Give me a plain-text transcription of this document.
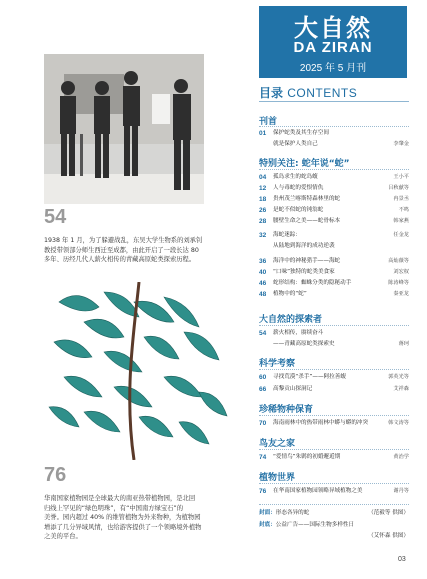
54
1938 年 1 月，为了躲避战乱，东吴大学生物系的刘承钊
教授带领部分师生西迁至成都，由此开启了一段长达 80
多年、历经几代人薪火相传的青藏高原蛇类探索历程。
76
华南国家植物园是全球最大的南亚热带植物园，是北回
归线上罕见的“绿色明珠”，有“中国南方绿宝石”的
美誉。园内超过 40% 的维管植物为外来物种，为植物园
增添了几分异域风情，也给游客提供了一个领略境外植物
之美的平台。
大自然
DA ZIRAN
2025 年 5 月刊
目录 CONTENTS
刊首
01	保护蛇类及其生存空间
就是保护人类自己	李肇金
特别关注: 蛇年说“蛇”
04	孤岛求生的蛇岛蝮	王小平
12	人与毒蛇的爱恨情仇	吕秋献等
18	贵州茂兰喀斯特森林里的蛇	冉景丞
26	是蛇不似蛇的钝翁蛇	不鸣
28	腰壁生命之美——蛇骨标本	韩家燕
32	海蛇迷踪：	任金龙
从陆地到海洋的成功逆袭
36	海洋中的神秘猎手——海蛇	高灿薇等
40	“口味”独特的蛇类美食家	刘宏权
46	蛇形结构：蜘蛛分类的隐秘动手	陈涛峰等
48	植物中的“蛇”	秦亚龙
大自然的探索者
54	薪火相传，赓续奋斗
——青藏高原蛇类探索史	蒋珂
科学考察
60	寻找荒漠“杀手”——阿拉善蝮	郭英光等
66	高黎贡山探洞记	艾祥森
珍稀物种保育
70	海南雨林中的热带雨林中蟒与蟒的冲突	韩文涛等
鸟友之家
74	“爱情鸟”朱鹮的初婚邂逅期	黄治学
植物世界
76	在华南国家植物园领略异域植物之美	谢丹等
封面：形态各异的蛇	（范毅等 供图）
封底：公益广告——国际生物多样性日
（艾怀森 供图）
03
